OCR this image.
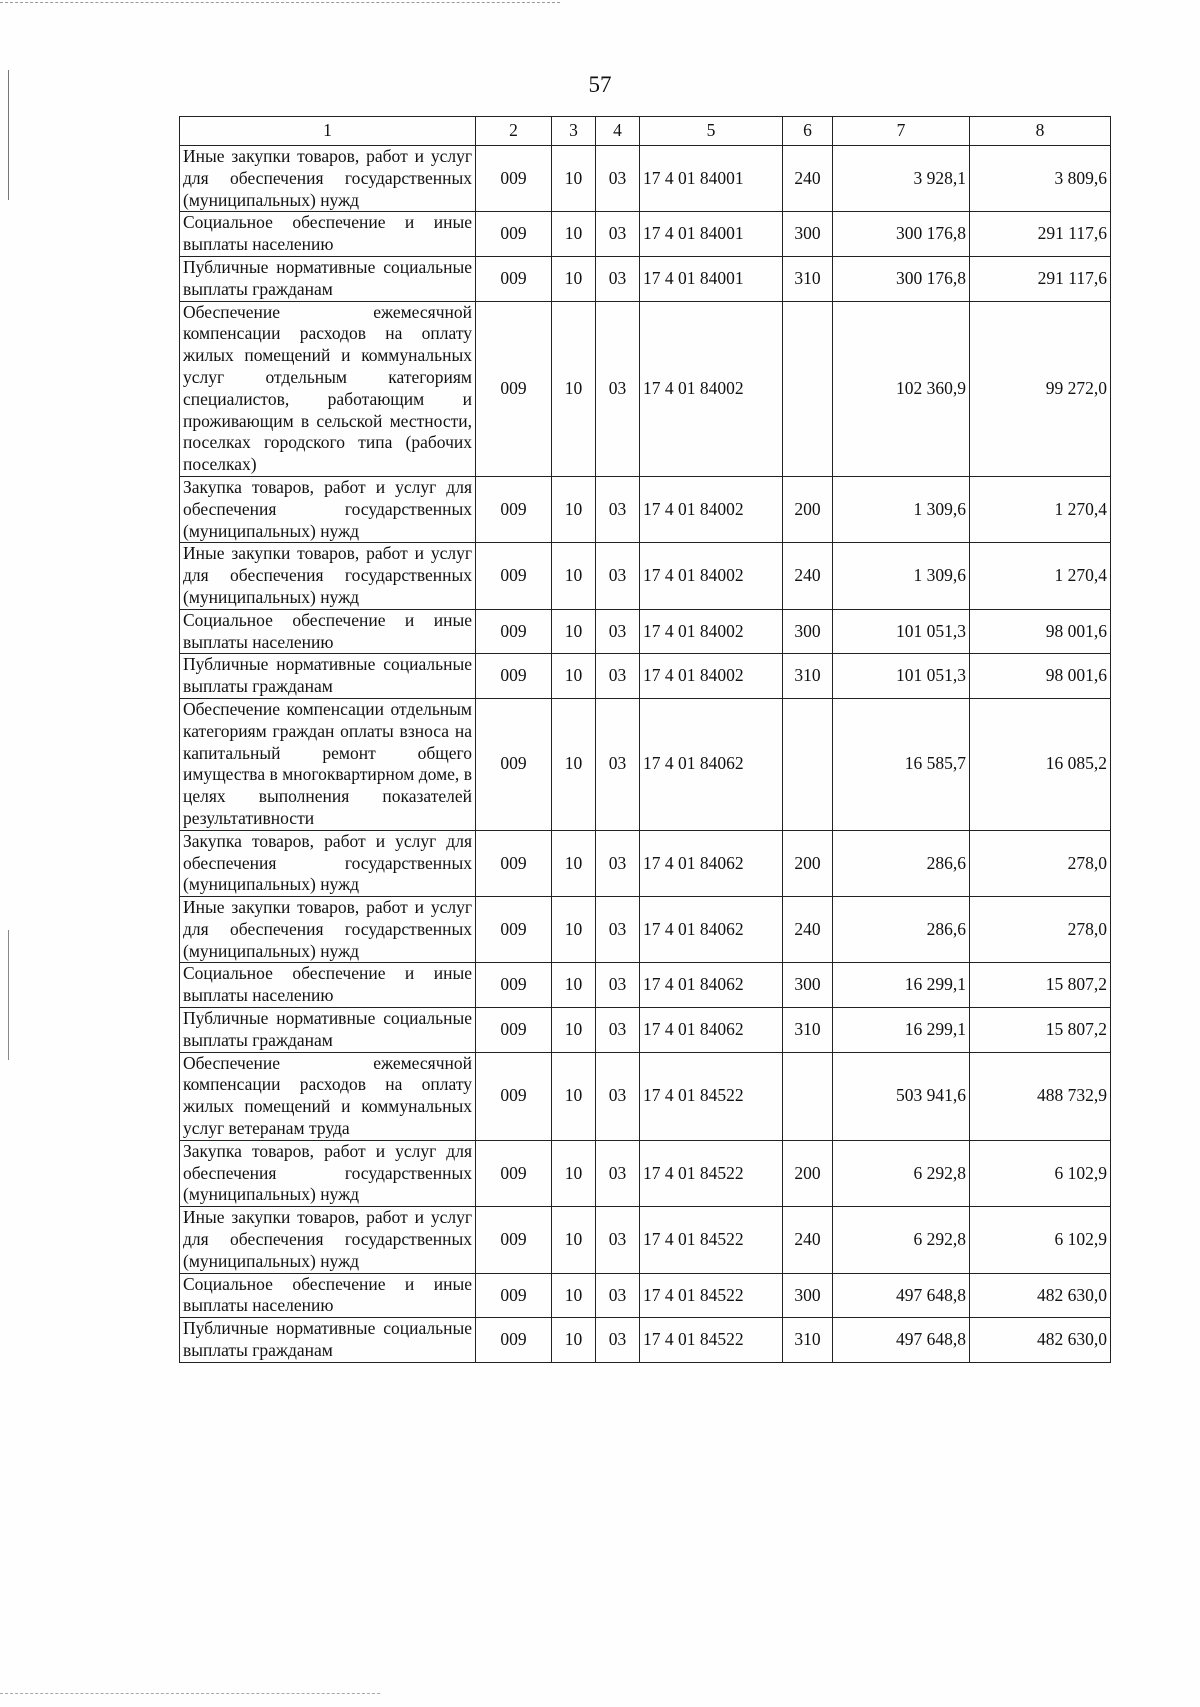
57
1	2	3	4	5	6	7	8
Иные закупки товаров, работ и услуг для обеспечения государственных (муниципальных) нужд	009	10	03	17 4 01 84001	240	3 928,1	3 809,6
Социальное обеспечение и иные выплаты населению	009	10	03	17 4 01 84001	300	300 176,8	291 117,6
Публичные нормативные социальные выплаты гражданам	009	10	03	17 4 01 84001	310	300 176,8	291 117,6
Обеспечение ежемесячной компенсации расходов на оплату жилых помещений и коммунальных услуг отдельным категориям специалистов, работающим и проживающим в сельской местности, поселках городского типа (рабочих поселках)	009	10	03	17 4 01 84002		102 360,9	99 272,0
Закупка товаров, работ и услуг для обеспечения государственных (муниципальных) нужд	009	10	03	17 4 01 84002	200	1 309,6	1 270,4
Иные закупки товаров, работ и услуг для обеспечения государственных (муниципальных) нужд	009	10	03	17 4 01 84002	240	1 309,6	1 270,4
Социальное обеспечение и иные выплаты населению	009	10	03	17 4 01 84002	300	101 051,3	98 001,6
Публичные нормативные социальные выплаты гражданам	009	10	03	17 4 01 84002	310	101 051,3	98 001,6
Обеспечение компенсации отдельным категориям граждан оплаты взноса на капитальный ремонт общего имущества в многоквартирном доме, в целях выполнения показателей результативности	009	10	03	17 4 01 84062		16 585,7	16 085,2
Закупка товаров, работ и услуг для обеспечения государственных (муниципальных) нужд	009	10	03	17 4 01 84062	200	286,6	278,0
Иные закупки товаров, работ и услуг для обеспечения государственных (муниципальных) нужд	009	10	03	17 4 01 84062	240	286,6	278,0
Социальное обеспечение и иные выплаты населению	009	10	03	17 4 01 84062	300	16 299,1	15 807,2
Публичные нормативные социальные выплаты гражданам	009	10	03	17 4 01 84062	310	16 299,1	15 807,2
Обеспечение ежемесячной компенсации расходов на оплату жилых помещений и коммунальных услуг ветеранам труда	009	10	03	17 4 01 84522		503 941,6	488 732,9
Закупка товаров, работ и услуг для обеспечения государственных (муниципальных) нужд	009	10	03	17 4 01 84522	200	6 292,8	6 102,9
Иные закупки товаров, работ и услуг для обеспечения государственных (муниципальных) нужд	009	10	03	17 4 01 84522	240	6 292,8	6 102,9
Социальное обеспечение и иные выплаты населению	009	10	03	17 4 01 84522	300	497 648,8	482 630,0
Публичные нормативные социальные выплаты гражданам	009	10	03	17 4 01 84522	310	497 648,8	482 630,0
